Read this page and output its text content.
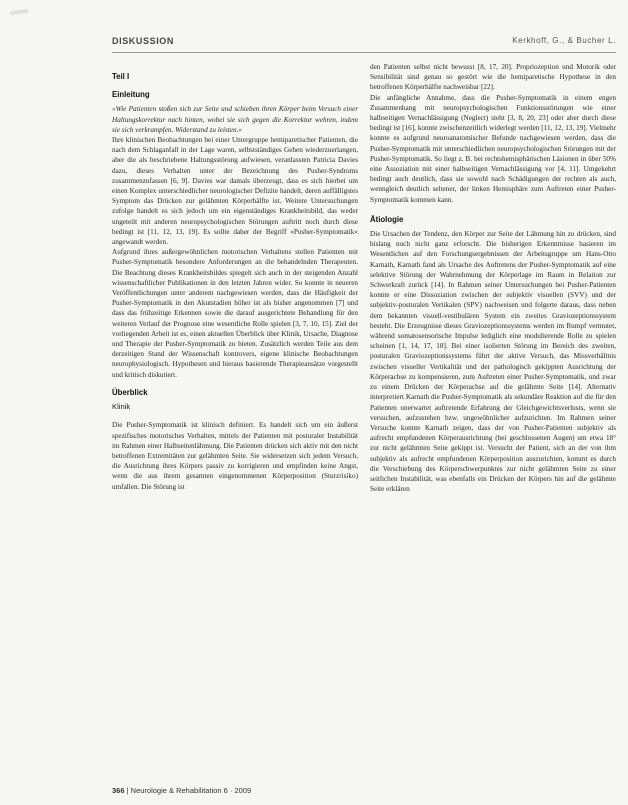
DISKUSSION	Kerkhoff, G., & Bucher L.
Teil I
Einleitung

»Wie Patienten stoßen sich zur Seite und schieben ihren Körper beim Versuch einer Haltungskorrektur nach hinten, wobei sie sich gegen die Korrektur wehren, indem sie sich verkrampfen. Widerstand zu leisten.«

Ihre klinischen Beobachtungen bei einer Untergruppe hemiparetischer Patienten, die nach dem Schlaganfall in der Lage waren, selbstständiges Gehen wiederzuerlangen, aber die als beschriebene Haltungsstörung aufwiesen, veranlassten Patricia Davies dazu, dieses Verhalten unter der Bezeichnung des Pusher-Syndroms zusammenzufassen [6, 9]. Davies war damals überzeugt, dass es sich hierbei um einen Komplex unterschiedlicher neurologischer Defizite handelt, deren auffälligstes Symptom das Drücken zur gelähmten Körperhälfte ist. Weitere Untersuchungen zufolge handelt es sich jedoch um ein eigenständiges Krankheitsbild, das weder ungeteilt mit anderen neuropsychologischen Störungen auftritt noch durch diese bedingt ist [11, 12, 13, 19]. Es sollte daher der Begriff »Pusher-Symptomatik« angewandt werden.

Aufgrund ihres außergewöhnlichen motorischen Verhaltens stellen Patienten mit Pusher-Symptomatik besondere Anforderungen an die behandelnden Therapeuten. Die Beachtung dieses Krankheitsbildes spiegelt sich auch in der steigenden Anzahl wissenschaftlicher Publikationen in den letzten Jahren wider. So konnte in neueren Veröffentlichungen unter anderem nachgewiesen werden, dass die Häufigkeit der Pusher-Symptomatik in den Akutstadien höher ist als bisher angenommen [7] und dass das frühzeitige Erkennen sowie die darauf ausgerichtete Behandlung für den weiteren Verlauf der Prognose eine wesentliche Rolle spielen [3, 7, 10, 15]. Ziel der vorliegenden Arbeit ist es, einen aktuellen Überblick über Klinik, Ursache, Diagnose und Therapie der Pusher-Symptomatik zu bieten. Zusätzlich werden Teile aus dem derzeitigen Stand der Wissenschaft kontrovers, eigene klinische Beobachtungen neurophysiologisch. Hypothesen und hieraus basierende Therapieansätze vorgestellt und kritisch diskutiert.

Überblick
Klinik

Die Pusher-Symptomatik ist klinisch definiert. Es handelt sich um ein äußerst spezifisches motorisches Verhalten, mittels der Patienten mit posturaler Instabilität im Rahmen einer Halbseitenlähmung. Die Patienten drücken sich aktiv mit den nicht betroffenen Extremitäten zur gelähmten Seite. Sie widersetzen sich jedem Versuch, die Ausrichtung ihres Körpers passiv zu korrigieren und empfinden keine Angst, wenn die aus ihrem gesamten eingenommenen Körperposition (Sturzrisiko) umfallen. Die Störung ist

den Patienten selbst nicht bewusst [8, 17, 20]. Propriozeption und Motorik oder Sensibilität sind genau so gestört wie die hemiparetische Hypothese in den betroffenen Körperhälfte nachweisbar [22].

Die anfängliche Annahme, dass die Pusher-Symptomatik in einem engen Zusammenhang mit neuropsychologischen Funktionsstörungen wie einer halbseitigen Vernachlässigung (Neglect) steht [3, 8, 20, 23] oder aber durch diese bedingt ist [16], konnte zwischenzeitlich widerlegt werden [11, 12, 13, 19]. Vielmehr konnte es aufgrund neuroanatomischer Befunde nachgewiesen werden, dass die Pusher-Symptomatik mit unterschiedlichen neuropsychologischen Störungen mit der Pusher-Symptomatik. So liegt z. B. bei rechtshemisphärischen Läsionen in über 50% eine Assoziation mit einer halbseitigen Vernachlässigung vor [4, 11]. Umgekehrt bedingt auch deutlich, dass sie sowohl nach Schädigungen der rechten als auch, wenngleich deutlich seltener, der linken Hemisphäre zum Auftreten einer Pusher-Symptomatik kommen kann.

Ätiologie

Die Ursachen der Tendenz, den Körper zur Seite der Lähmung hin zu drücken, sind bislang noch nicht ganz erforscht. Die bisherigen Erkenntnisse basieren im Wesentlichen auf den Forschungsergebnissen der Arbeitsgruppe um Hans-Otto Karnath, Karnath fand als Ursache des Auftretens der Pusher-Symptomatik auf eine selektive Störung der Wahrnehmung der Körperlage im Raum in Relation zur Schwerkraft zurück [14]. In Rahmen seiner Untersuchungen bei Pusher-Patienten konnte er eine Dissoziation zwischen der subjektiv visuellen (SVV) und der subjektiv-posturalen Vertikalen (SPV) nachweisen und folgerte daraus, dass neben dem bekannten visuell-vestibulären System ein zweites Graviozeptionssystem besteht. Die Erzeugnisse dieses Graviozeptionssystems werden im Rumpf vermutet, während somatosensorische Impulse lediglich eine modulierende Rolle zu spielen scheinen [1, 14, 17, 18]. Bei einer isolierten Störung im Bereich des zweiten, posturalen Graviozeptionssystems führt der aktive Versuch, das Missverhältnis zwischen visueller Vertikalität und der pathologisch gekippten Ausrichtung der Körperachse zu kompensieren, zum Auftreten einer Pusher-Symptomatik, und zwar zu einem Drücken der Körperachse auf die gelähmte Seite [14]. Alternativ interpretiert Karnath die Pusher-Symptomatik als sekundäre Reaktion auf die für den Patienten unerwartet auftretende Erfahrung der Gleichgewichtsverlusts, wenn sie versuchen, aufzustehen bzw. ungewöhnlicher aufzurichten. Im Rahmen seiner Versuche konnte Karnath zeigen, dass der von Pusher-Patienten subjektiv als aufrecht empfundenen Körperausrichtung (bei geschlossenen Augen) um etwa 18° zur nicht gelähmten Seite gekippt ist. Versucht der Patient, sich an der von ihm subjektiv als aufrecht empfundenen Körperposition auszurichten, kommt es durch die Verschiebung des Körperschwerpunktes zur nicht gelähmten Seite zu einer seitlichen Instabilität, was ebenfalls ein Drücken der Körpers hin auf die gelähmte Seite erklären

366 | Neurologie & Rehabilitation 6 · 2009
